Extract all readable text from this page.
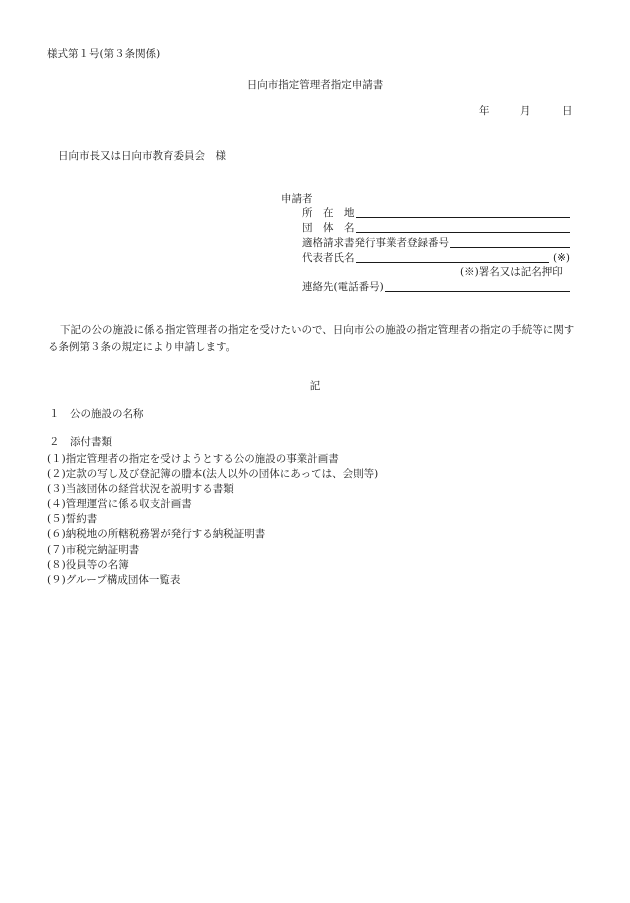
様式第１号(第３条関係)
日向市指定管理者指定申請書
年	月	日
日向市長又は日向市教育委員会　様
申請者
所　在　地
団　体　名
適格請求書発行事業者登録番号
代表者氏名	(※)
(※)署名又は記名押印
連絡先(電話番号)
下記の公の施設に係る指定管理者の指定を受けたいので、日向市公の施設の指定管理者の指定の手続等に関する条例第３条の規定により申請します。
記
１　公の施設の名称
２　添付書類
(１)指定管理者の指定を受けようとする公の施設の事業計画書
(２)定款の写し及び登記簿の謄本(法人以外の団体にあっては、会則等)
(３)当該団体の経営状況を説明する書類
(４)管理運営に係る収支計画書
(５)誓約書
(６)納税地の所轄税務署が発行する納税証明書
(７)市税完納証明書
(８)役員等の名簿
(９)グループ構成団体一覧表
